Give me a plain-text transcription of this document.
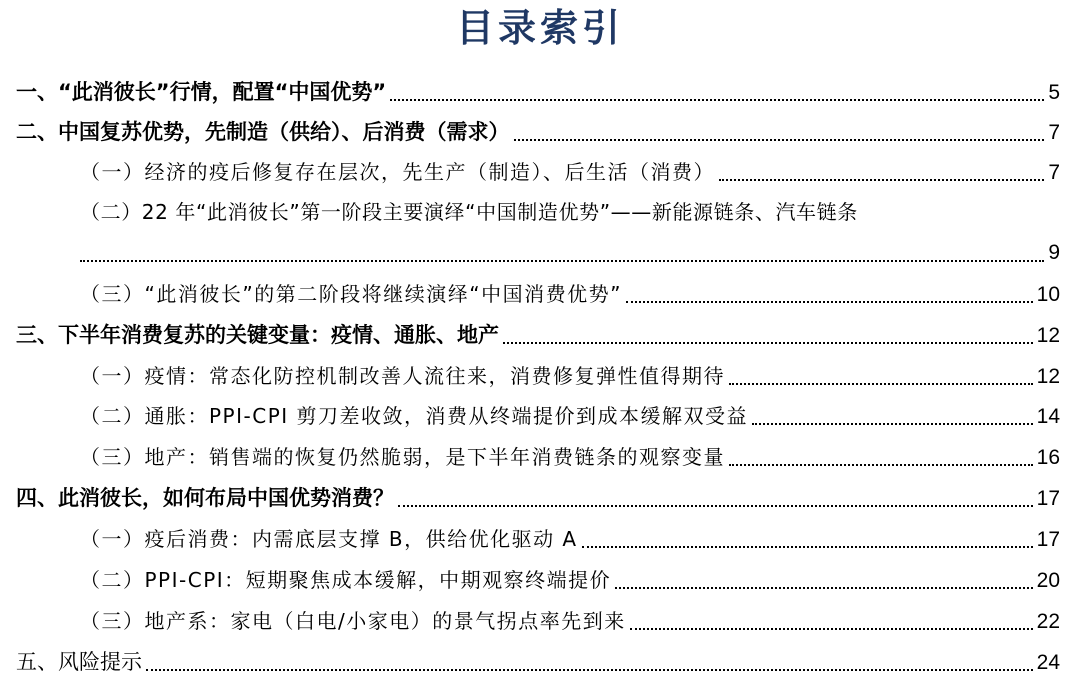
目录索引
一、“此消彼长”行情，配置“中国优势”	5
二、中国复苏优势，先制造（供给）、后消费（需求）	7
（一）经济的疫后修复存在层次，先生产（制造）、后生活（消费）	7
（二）22 年“此消彼长”第一阶段主要演绎“中国制造优势”——新能源链条、汽车链条
9
（三）“此消彼长”的第二阶段将继续演绎“中国消费优势”	10
三、下半年消费复苏的关键变量：疫情、通胀、地产	12
（一）疫情：常态化防控机制改善人流往来，消费修复弹性值得期待	12
（二）通胀：PPI-CPI 剪刀差收敛，消费从终端提价到成本缓解双受益	14
（三）地产：销售端的恢复仍然脆弱，是下半年消费链条的观察变量	16
四、此消彼长，如何布局中国优势消费？	17
（一）疫后消费：内需底层支撑 B，供给优化驱动 A	17
（二）PPI-CPI：短期聚焦成本缓解，中期观察终端提价	20
（三）地产系：家电（白电/小家电）的景气拐点率先到来	22
五、风险提示	24
